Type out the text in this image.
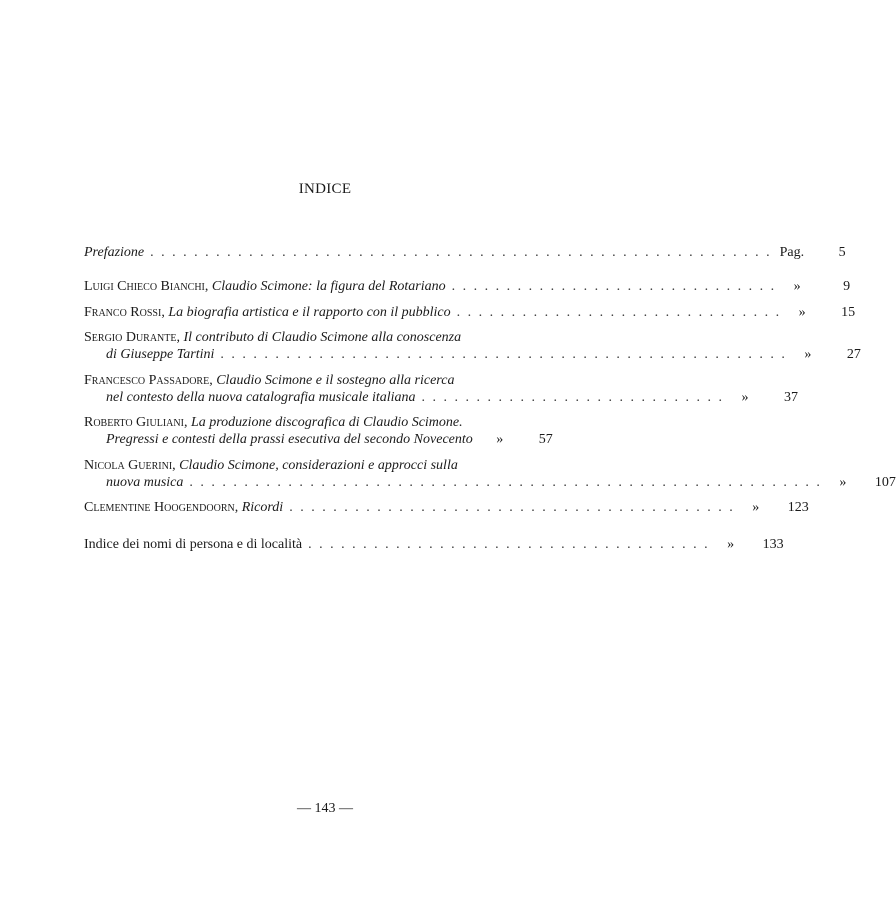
INDICE
Prefazione . . . . . . . . . . . . . . . . . . . . . . . . . . . . . . . . . . . . . . . . . . . . . . . . . . . . . . . . . Pag.	5
Luigi Chieco Bianchi, Claudio Scimone: la figura del Rotariano . . . . . . . . . . . . . . . . . . . . . . . . . . . . . .	»	9
Franco Rossi, La biografia artistica e il rapporto con il pubblico . . . . . . . . . . . . . . . . . . . . . . . . . . . . . .	»	15
Sergio Durante, Il contributo di Claudio Scimone alla conoscenza
di Giuseppe Tartini . . . . . . . . . . . . . . . . . . . . . . . . . . . . . . . . . . . . . . . . . . . . . . . . . . . .	»	27
Francesco Passadore, Claudio Scimone e il sostegno alla ricerca
nel contesto della nuova catalografia musicale italiana . . . . . . . . . . . . . . . . . . . . . . . . . . . .	»	37
Roberto Giuliani, La produzione discografica di Claudio Scimone.
Pregressi e contesti della prassi esecutiva del secondo Novecento	»	57
Nicola Guerini, Claudio Scimone, considerazioni e approcci sulla
nuova musica . . . . . . . . . . . . . . . . . . . . . . . . . . . . . . . . . . . . . . . . . . . . . . . . . . . . . . . . . .	»	107
Clementine Hoogendoorn, Ricordi . . . . . . . . . . . . . . . . . . . . . . . . . . . . . . . . . . . . . . . . .	»	123
Indice dei nomi di persona e di località . . . . . . . . . . . . . . . . . . . . . . . . . . . . . . . . . . . . .	»	133
— 143 —
